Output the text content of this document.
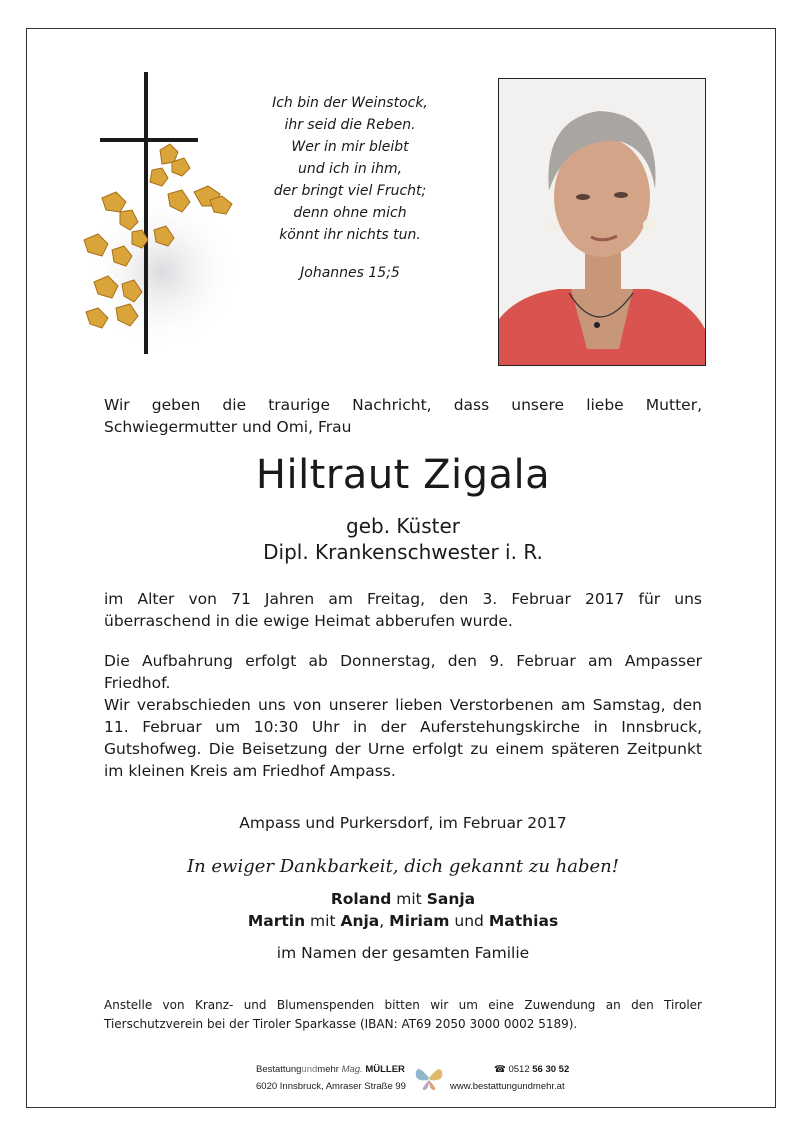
Ich bin der Weinstock,
ihr seid die Reben.
Wer in mir bleibt
und ich in ihm,
der bringt viel Frucht;
denn ohne mich
könnt ihr nichts tun.
Johannes 15;5
Wir geben die traurige Nachricht, dass unsere liebe Mutter, Schwiegermutter und Omi, Frau
Hiltraut Zigala
geb. Küster
Dipl. Krankenschwester i. R.
im Alter von 71 Jahren am Freitag, den 3. Februar 2017 für uns überraschend in die ewige Heimat abberufen wurde.
Die Aufbahrung erfolgt ab Donnerstag, den 9. Februar am Ampasser Friedhof.
Wir verabschieden uns von unserer lieben Verstorbenen am Samstag, den 11. Februar um 10:30 Uhr in der Auferstehungskirche in Innsbruck, Gutshofweg. Die Beisetzung der Urne erfolgt zu einem späteren Zeitpunkt im kleinen Kreis am Friedhof Ampass.
Ampass und Purkersdorf, im Februar 2017
In ewiger Dankbarkeit, dich gekannt zu haben!
Roland mit Sanja
Martin mit Anja, Miriam und Mathias
im Namen der gesamten Familie
Anstelle von Kranz- und Blumenspenden bitten wir um eine Zuwendung an den Tiroler Tierschutzverein bei der Tiroler Sparkasse (IBAN: AT69 2050 3000 0002 5189).
Bestattungundmehr Mag. MÜLLER
6020 Innsbruck, Amraser Straße 99
☎ 0512 56 30 52
www.bestattungundmehr.at
